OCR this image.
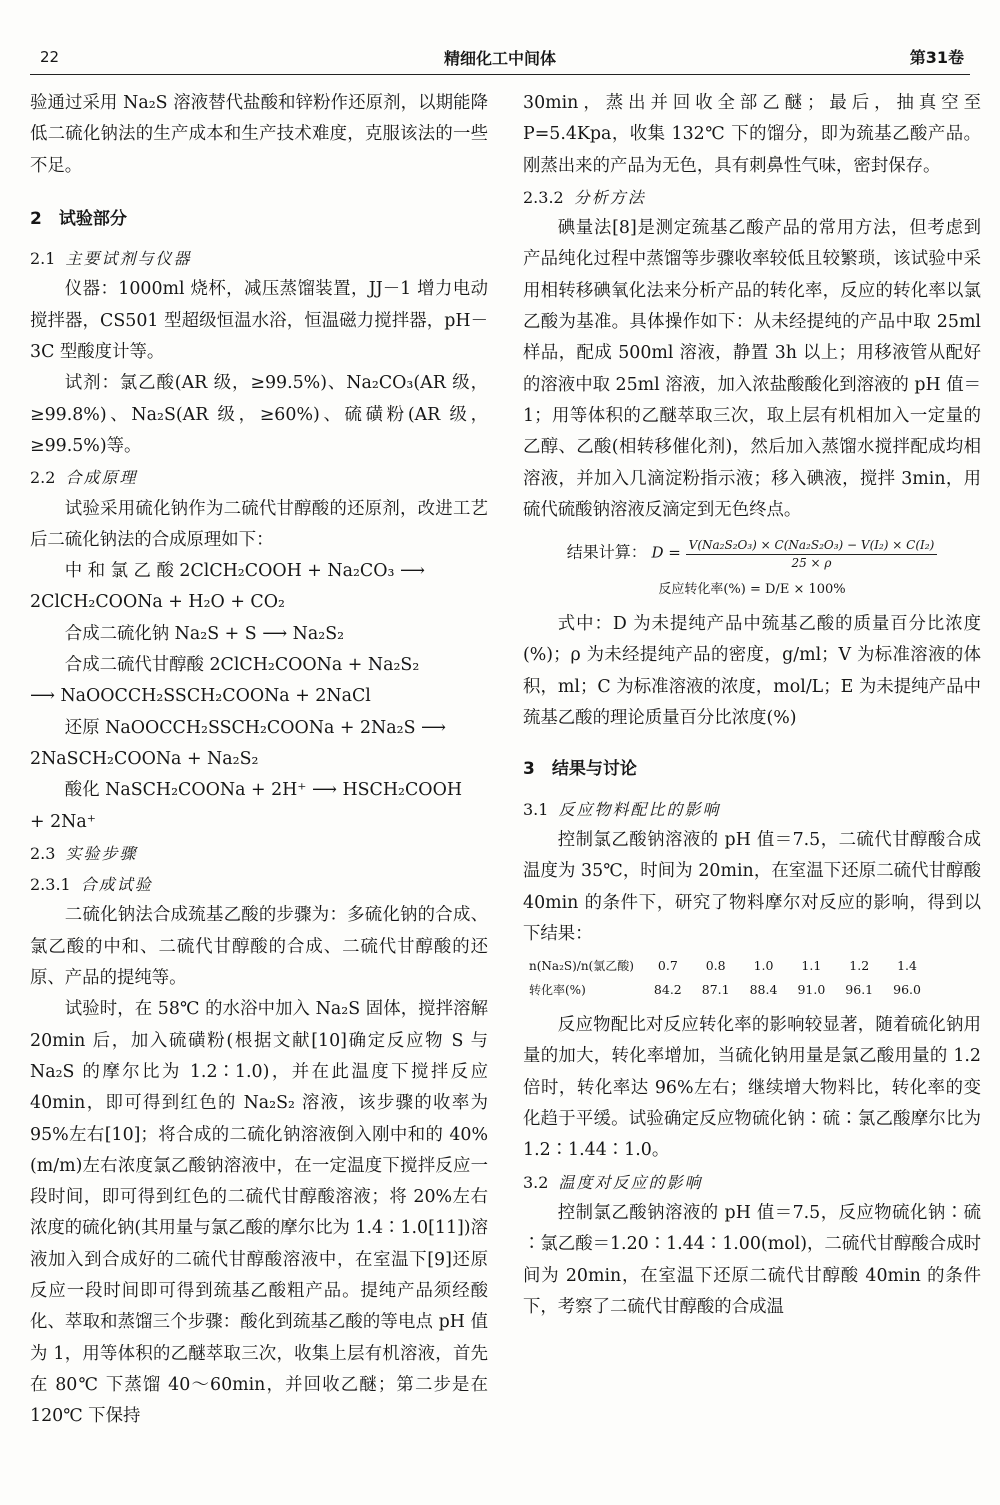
22	精细化工中间体	第31卷

验通过采用 Na₂S 溶液替代盐酸和锌粉作还原剂，以期能降低二硫化钠法的生产成本和生产技术难度，克服该法的一些不足。

2　试验部分

2.1 主要试剂与仪器

仪器：1000ml 烧杯，减压蒸馏装置，JJ－1 增力电动搅拌器，CS501 型超级恒温水浴，恒温磁力搅拌器，pH－3C 型酸度计等。

试剂：氯乙酸(AR 级，≥99.5%)、Na₂CO₃(AR 级，≥99.8%)、Na₂S(AR 级，≥60%)、硫磺粉(AR 级，≥99.5%)等。

2.2 合成原理

试验采用硫化钠作为二硫代甘醇酸的还原剂，改进工艺后二硫化钠法的合成原理如下：

中 和 氯 乙 酸 2ClCH₂COOH + Na₂CO₃ ⟶

2ClCH₂COONa + H₂O + CO₂

合成二硫化钠 Na₂S + S ⟶ Na₂S₂

合成二硫代甘醇酸 2ClCH₂COONa + Na₂S₂

⟶ NaOOCCH₂SSCH₂COONa + 2NaCl

还原 NaOOCCH₂SSCH₂COONa + 2Na₂S ⟶

2NaSCH₂COONa + Na₂S₂

酸化 NaSCH₂COONa + 2H⁺ ⟶ HSCH₂COOH

+ 2Na⁺

2.3 实验步骤

2.3.1 合成试验

二硫化钠法合成巯基乙酸的步骤为：多硫化钠的合成、氯乙酸的中和、二硫代甘醇酸的合成、二硫代甘醇酸的还原、产品的提纯等。

试验时，在 58℃ 的水浴中加入 Na₂S 固体，搅拌溶解 20min 后，加入硫磺粉(根据文献[10]确定反应物 S 与 Na₂S 的摩尔比为 1.2∶1.0)，并在此温度下搅拌反应 40min，即可得到红色的 Na₂S₂ 溶液，该步骤的收率为 95%左右[10]；将合成的二硫化钠溶液倒入刚中和的 40%(m/m)左右浓度氯乙酸钠溶液中，在一定温度下搅拌反应一段时间，即可得到红色的二硫代甘醇酸溶液；将 20%左右浓度的硫化钠(其用量与氯乙酸的摩尔比为 1.4∶1.0[11])溶液加入到合成好的二硫代甘醇酸溶液中，在室温下[9]还原反应一段时间即可得到巯基乙酸粗产品。提纯产品须经酸化、萃取和蒸馏三个步骤：酸化到巯基乙酸的等电点 pH 值为 1，用等体积的乙醚萃取三次，收集上层有机溶液，首先在 80℃ 下蒸馏 40～60min，并回收乙醚；第二步是在 120℃ 下保持

30min，蒸出并回收全部乙醚；最后，抽真空至 P=5.4Kpa，收集 132℃ 下的馏分，即为巯基乙酸产品。刚蒸出来的产品为无色，具有刺鼻性气味，密封保存。

2.3.2 分析方法

碘量法[8]是测定巯基乙酸产品的常用方法，但考虑到产品纯化过程中蒸馏等步骤收率较低且较繁琐，该试验中采用相转移碘氧化法来分析产品的转化率，反应的转化率以氯乙酸为基准。具体操作如下：从未经提纯的产品中取 25ml 样品，配成 500ml 溶液，静置 3h 以上；用移液管从配好的溶液中取 25ml 溶液，加入浓盐酸酸化到溶液的 pH 值＝1；用等体积的乙醚萃取三次，取上层有机相加入一定量的乙醇、乙酸(相转移催化剂)，然后加入蒸馏水搅拌配成均相溶液，并加入几滴淀粉指示液；移入碘液，搅拌 3min，用硫代硫酸钠溶液反滴定到无色终点。

结果计算： $D = \frac{\text{V(Na₂S₂O₃) × C(Na₂S₂O₃) − V(I₂) × C(I₂)}}{25 \times \rho}$
反应转化率(%) = D/E × 100%

式中：D 为未提纯产品中巯基乙酸的质量百分比浓度(%)；ρ 为未经提纯产品的密度，g/ml；V 为标准溶液的体积，ml；C 为标准溶液的浓度，mol/L；E 为未提纯产品中巯基乙酸的理论质量百分比浓度(%)

3　结果与讨论

3.1 反应物料配比的影响

控制氯乙酸钠溶液的 pH 值＝7.5，二硫代甘醇酸合成温度为 35℃，时间为 20min，在室温下还原二硫代甘醇酸 40min 的条件下，研究了物料摩尔对反应的影响，得到以下结果：

n(Na₂S)/n(氯乙酸)	0.7	0.8	1.0	1.1	1.2	1.4
转化率(%)	84.2	87.1	88.4	91.0	96.1	96.0

反应物配比对反应转化率的影响较显著，随着硫化钠用量的加大，转化率增加，当硫化钠用量是氯乙酸用量的 1.2 倍时，转化率达 96%左右；继续增大物料比，转化率的变化趋于平缓。试验确定反应物硫化钠∶硫∶氯乙酸摩尔比为 1.2∶1.44∶1.0。

3.2 温度对反应的影响

控制氯乙酸钠溶液的 pH 值＝7.5，反应物硫化钠∶硫∶氯乙酸＝1.20∶1.44∶1.00(mol)，二硫代甘醇酸合成时间为 20min，在室温下还原二硫代甘醇酸 40min 的条件下，考察了二硫代甘醇酸的合成温
